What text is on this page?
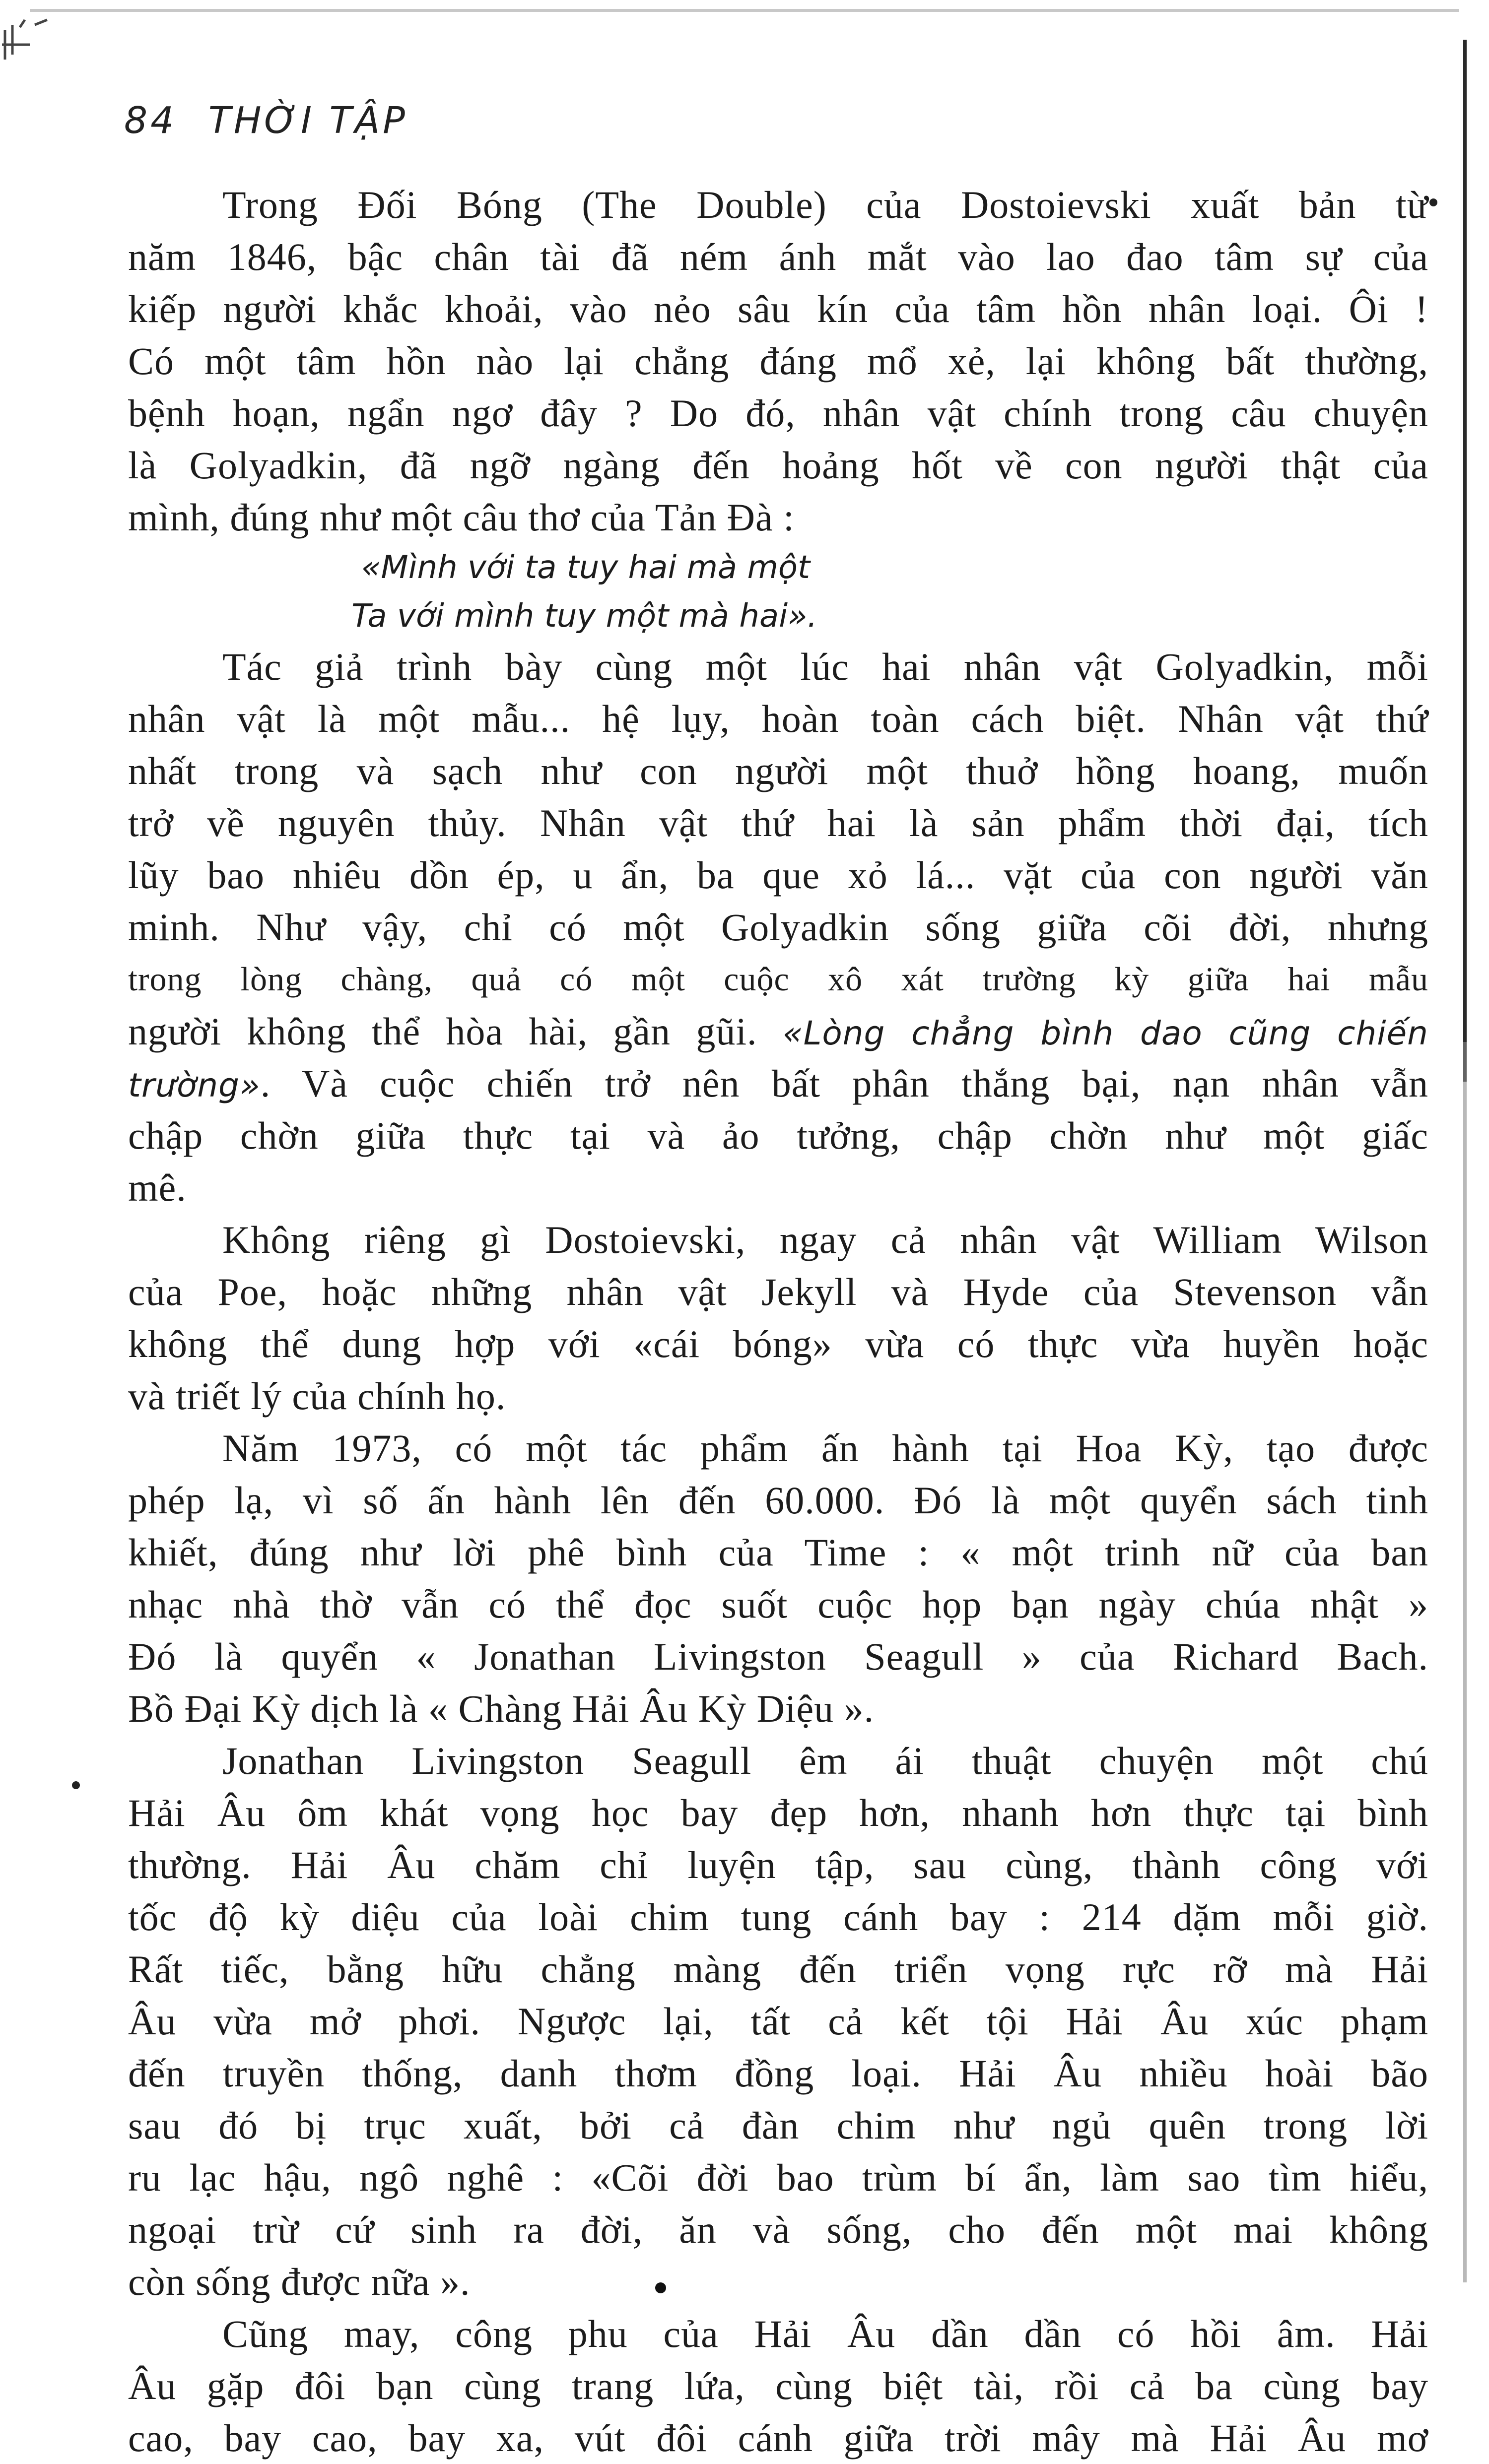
84 THỜI TẬP
Trong Đối Bóng (The Double) của Dostoievski xuất bản từ
năm 1846, bậc chân tài đã ném ánh mắt vào lao đao tâm sự của
kiếp người khắc khoải, vào nẻo sâu kín của tâm hồn nhân loại. Ôi !
Có một tâm hồn nào lại chẳng đáng mổ xẻ, lại không bất thường,
bệnh hoạn, ngẩn ngơ đây ? Do đó, nhân vật chính trong câu chuyện
là Golyadkin, đã ngỡ ngàng đến hoảng hốt về con người thật của
mình, đúng như một câu thơ của Tản Đà :
«Mình với ta tuy hai mà một
Ta với mình tuy một mà hai».
Tác giả trình bày cùng một lúc hai nhân vật Golyadkin, mỗi
nhân vật là một mẫu... hệ lụy, hoàn toàn cách biệt. Nhân vật thứ
nhất trong và sạch như con người một thuở hồng hoang, muốn
trở về nguyên thủy. Nhân vật thứ hai là sản phẩm thời đại, tích
lũy bao nhiêu dồn ép, u ẩn, ba que xỏ lá... vặt của con người văn
minh. Như vậy, chỉ có một Golyadkin sống giữa cõi đời, nhưng
trong lòng chàng, quả có một cuộc xô xát trường kỳ giữa hai mẫu
người không thể hòa hài, gần gũi. «Lòng chẳng bình dao cũng chiến
trường». Và cuộc chiến trở nên bất phân thắng bại, nạn nhân vẫn
chập chờn giữa thực tại và ảo tưởng, chập chờn như một giấc
mê.
Không riêng gì Dostoievski, ngay cả nhân vật William Wilson
của Poe, hoặc những nhân vật Jekyll và Hyde của Stevenson vẫn
không thể dung hợp với «cái bóng» vừa có thực vừa huyền hoặc
và triết lý của chính họ.
Năm 1973, có một tác phẩm ấn hành tại Hoa Kỳ, tạo được
phép lạ, vì số ấn hành lên đến 60.000. Đó là một quyển sách tinh
khiết, đúng như lời phê bình của Time : « một trinh nữ của ban
nhạc nhà thờ vẫn có thể đọc suốt cuộc họp bạn ngày chúa nhật »
Đó là quyển « Jonathan Livingston Seagull » của Richard Bach.
Bồ Đại Kỳ dịch là « Chàng Hải Âu Kỳ Diệu ».
Jonathan Livingston Seagull êm ái thuật chuyện một chú
Hải Âu ôm khát vọng học bay đẹp hơn, nhanh hơn thực tại bình
thường. Hải Âu chăm chỉ luyện tập, sau cùng, thành công với
tốc độ kỳ diệu của loài chim tung cánh bay : 214 dặm mỗi giờ.
Rất tiếc, bằng hữu chẳng màng đến triển vọng rực rỡ mà Hải
Âu vừa mở phơi. Ngược lại, tất cả kết tội Hải Âu xúc phạm
đến truyền thống, danh thơm đồng loại. Hải Âu nhiều hoài bão
sau đó bị trục xuất, bởi cả đàn chim như ngủ quên trong lời
ru lạc hậu, ngô nghê : «Cõi đời bao trùm bí ẩn, làm sao tìm hiểu,
ngoại trừ cứ sinh ra đời, ăn và sống, cho đến một mai không
còn sống được nữa ».
Cũng may, công phu của Hải Âu dần dần có hồi âm. Hải
Âu gặp đôi bạn cùng trang lứa, cùng biệt tài, rồi cả ba cùng bay
cao, bay cao, bay xa, vút đôi cánh giữa trời mây mà Hải Âu mơ
